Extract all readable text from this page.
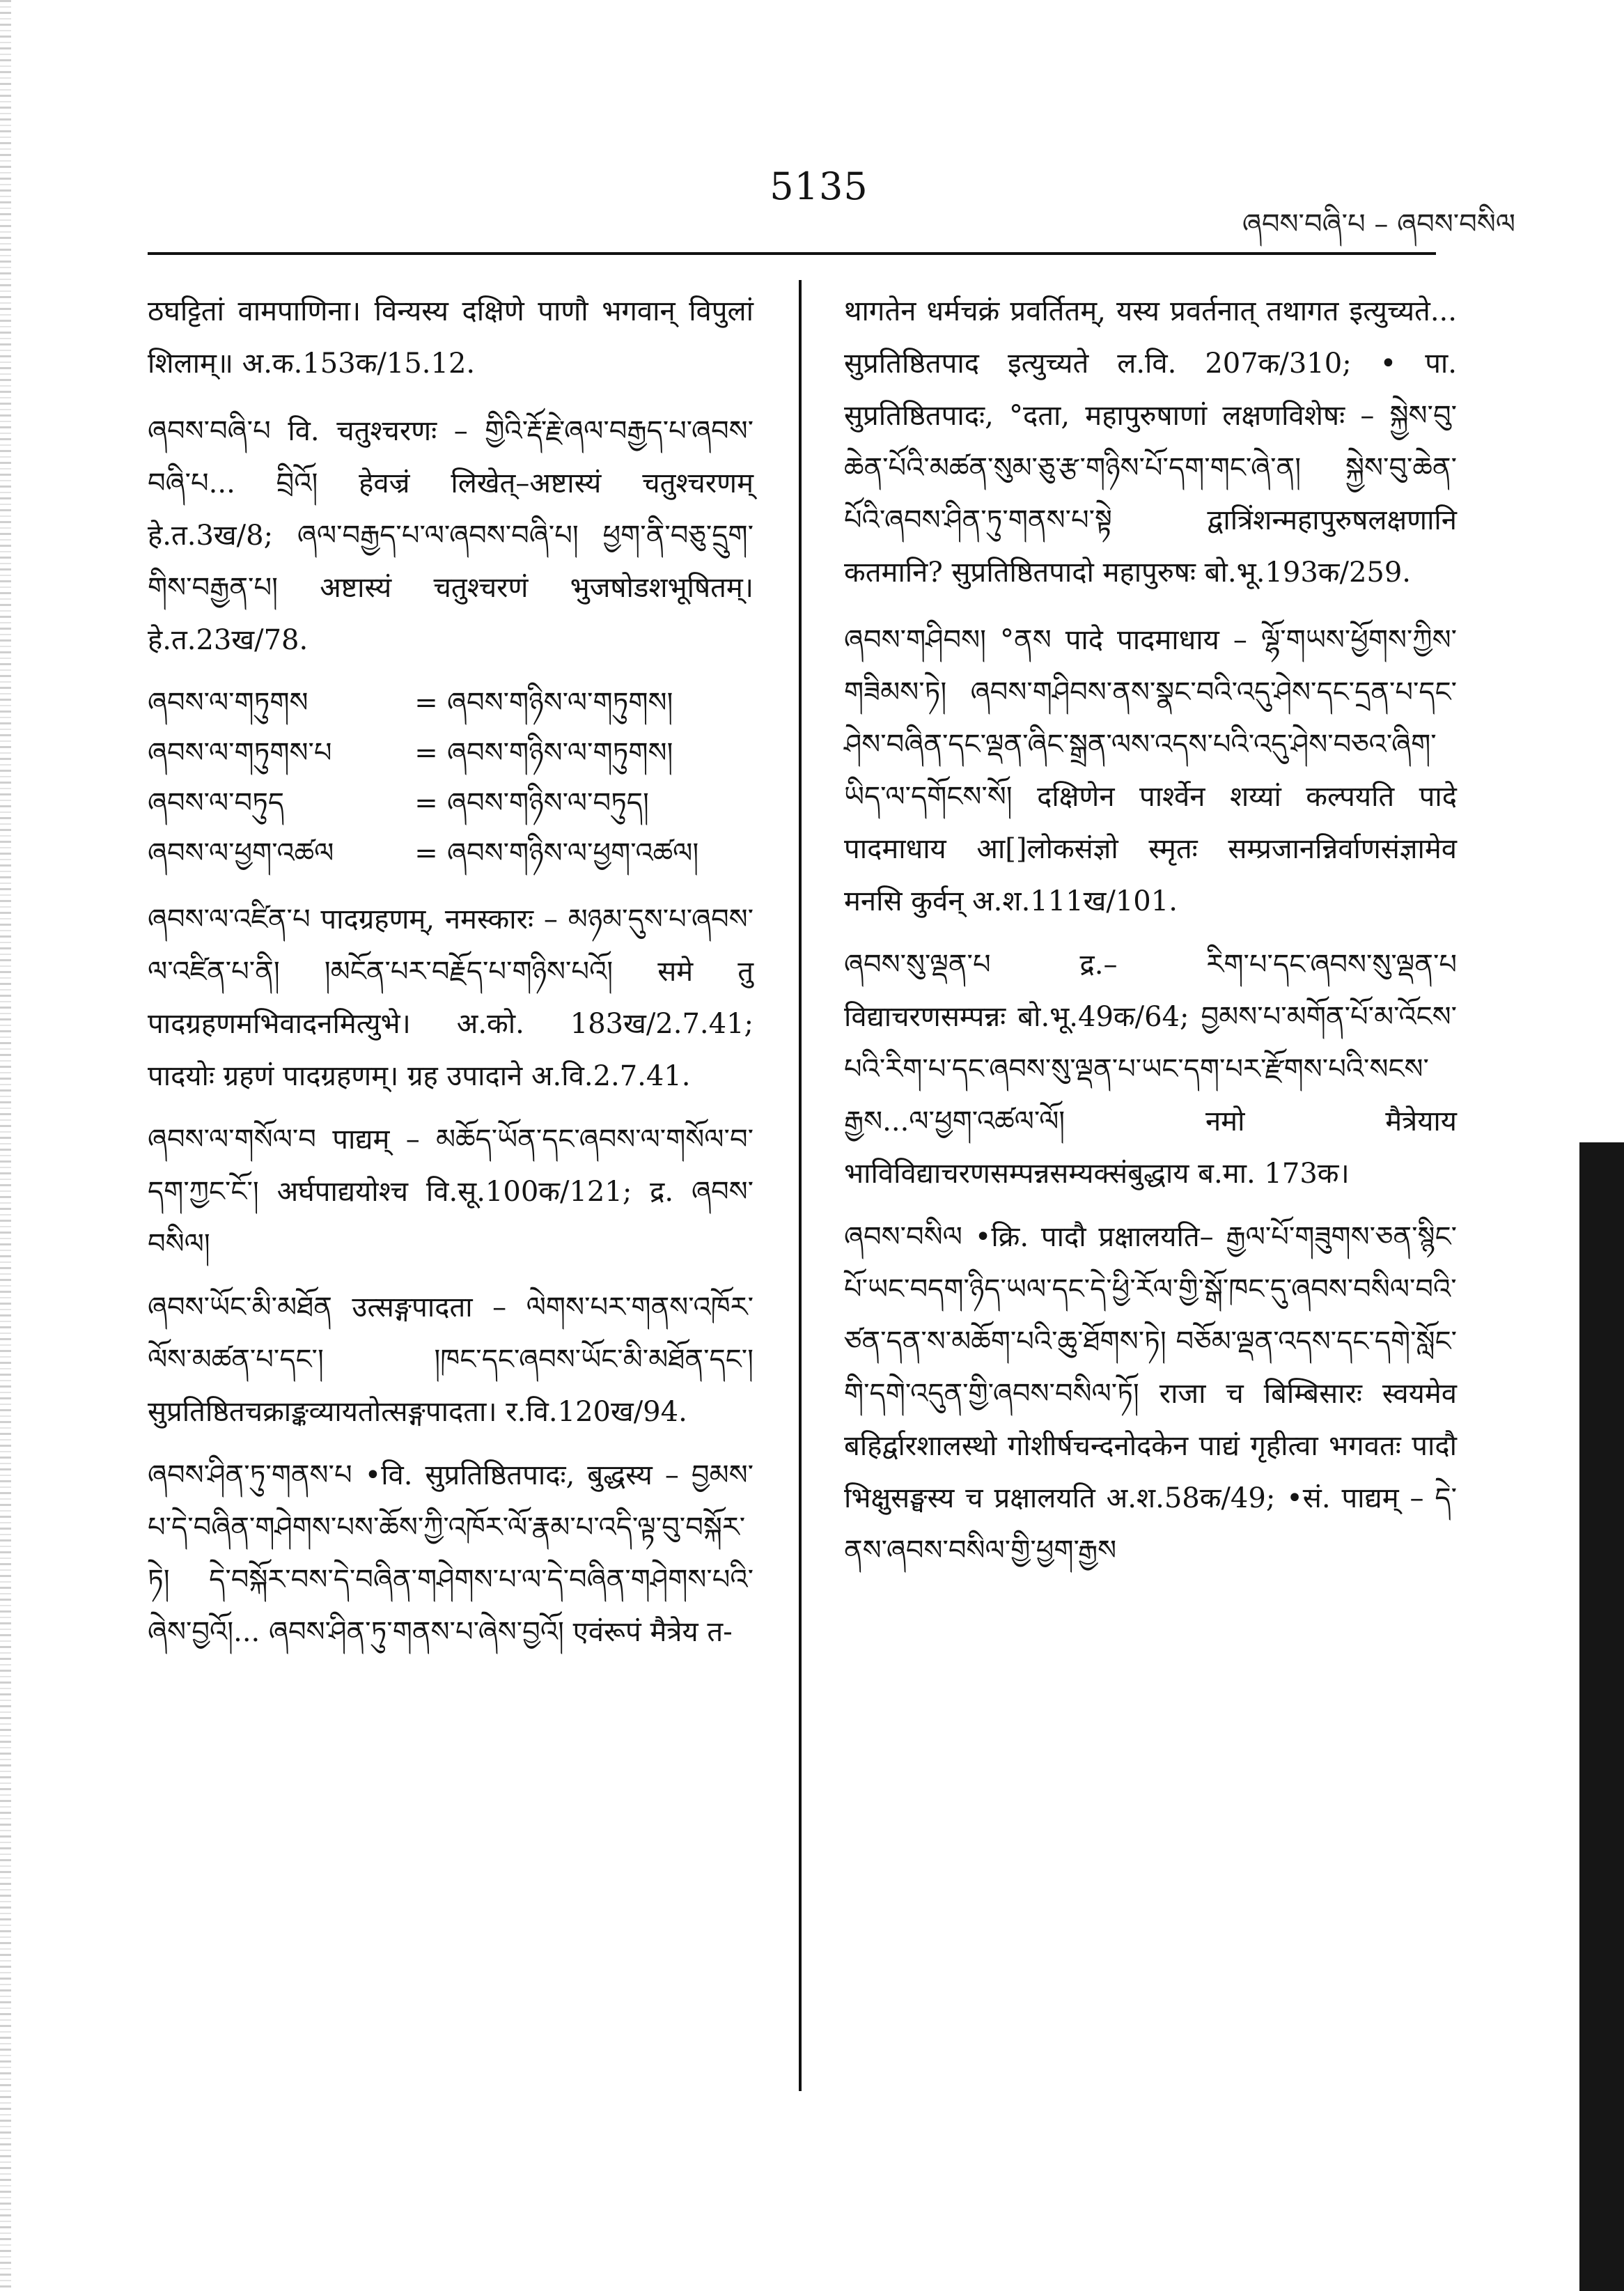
5135
ཞབས་བཞི་པ – ཞབས་བསིལ
ठघट्टितां वामपाणिना। विन्यस्य दक्षिणे पाणौ भगवान् विपुलां शिलाम्॥ अ.क.153क/15.12.
ཞབས་བཞི་པ वि. चतुश्चरणः – གྱིའི་རྡོ་རྗེ་ཞལ་བརྒྱད་པ་ཞབས་བཞི་པ... བྲིའོ། हेवज्रं लिखेत्–अष्टास्यं चतुश्चरणम् हे.त.3ख/8; ཞལ་བརྒྱད་པ་ལ་ཞབས་བཞི་པ། ཕྱག་ནི་བཅུ་དྲུག་གིས་བརྒྱན་པ། अष्टास्यं चतुश्चरणं भुजषोडशभूषितम्। हे.त.23ख/78.
ཞབས་ལ་གཏུགས	= ཞབས་གཉིས་ལ་གཏུགས།
ཞབས་ལ་གཏུགས་པ	= ཞབས་གཉིས་ལ་གཏུགས།
ཞབས་ལ་བཏུད	= ཞབས་གཉིས་ལ་བཏུད།
ཞབས་ལ་ཕྱག་འཚལ	= ཞབས་གཉིས་ལ་ཕྱག་འཚལ།
ཞབས་ལ་འཛིན་པ पादग्रहणम्, नमस्कारः – མཉམ་དུས་པ་ཞབས་ལ་འཛིན་པ་ནི། །མངོན་པར་བརྗོད་པ་གཉིས་པའོ། समे तु पादग्रहणमभिवादनमित्युभे। अ.को. 183ख/2.7.41; पादयोः ग्रहणं पादग्रहणम्। ग्रह उपादाने अ.वि.2.7.41.
ཞབས་ལ་གསོལ་བ पाद्यम् – མཆོད་ཡོན་དང་ཞབས་ལ་གསོལ་བ་དག་ཀྱང་ངོ་། अर्घपाद्ययोश्च वि.सू.100क/121; द्र. ཞབས་བསིལ།
ཞབས་ཡོང་མི་མཐོན उत्सङ्गपादता – ལེགས་པར་གནས་འཁོར་ལོས་མཚན་པ་དང་། །ཁང་དང་ཞབས་ཡོང་མི་མཐོན་དང་། सुप्रतिष्ठितचक्राङ्कव्यायतोत्सङ्गपादता। र.वि.120ख/94.
ཞབས་ཤིན་ཏུ་གནས་པ •वि. सुप्रतिष्ठितपादः, बुद्धस्य – བྱམས་པ་དེ་བཞིན་གཤེགས་པས་ཆོས་ཀྱི་འཁོར་ལོ་རྣམ་པ་འདི་ལྟ་བུ་བསྐོར་ཏེ། དེ་བསྐོར་བས་དེ་བཞིན་གཤེགས་པ་ལ་དེ་བཞིན་གཤེགས་པའི་ཞེས་བྱའོ།... ཞབས་ཤིན་ཏུ་གནས་པ་ཞེས་བྱའོ། एवंरूपं मैत्रेय त-
थागतेन धर्मचक्रं प्रवर्तितम्, यस्य प्रवर्तनात् तथागत इत्युच्यते... सुप्रतिष्ठितपाद इत्युच्यते ल.वि. 207क/310; • पा. सुप्रतिष्ठितपादः, °दता, महापुरुषाणां लक्षणविशेषः – སྐྱེས་བུ་ཆེན་པོའི་མཚན་སུམ་ཅུ་རྩ་གཉིས་པོ་དག་གང་ཞེ་ན། སྐྱེས་བུ་ཆེན་པོའི་ཞབས་ཤིན་ཏུ་གནས་པ་སྟེ द्वात्रिंशन्महापुरुषलक्षणानि कतमानि? सुप्रतिष्ठितपादो महापुरुषः बो.भू.193क/259.
ཞབས་གཤིབས། °ནས पादे पादमाधाय – ལྷོ་གཡས་ཕྱོགས་ཀྱིས་གཟིམས་ཏེ། ཞབས་གཤིབས་ནས་སྣང་བའི་འདུ་ཤེས་དང་དྲན་པ་དང་ཤེས་བཞིན་དང་ལྡན་ཞིང་སྒྲན་ལས་འདས་པའི་འདུ་ཤེས་བཅའ་ཞིག་ཡིད་ལ་དགོངས་སོ། दक्षिणेन पार्श्वेन शय्यां कल्पयति पादे पादमाधाय आ[]लोकसंज्ञो स्मृतः सम्प्रजानन्निर्वाणसंज्ञामेव मनसि कुर्वन् अ.श.111ख/101.
ཞབས་སུ་ལྡན་པ द्र.– རིག་པ་དང་ཞབས་སུ་ལྡན་པ विद्याचरणसम्पन्नः बो.भू.49क/64; བྱམས་པ་མགོན་པོ་མ་འོངས་པའི་རིག་པ་དང་ཞབས་སུ་ལྡན་པ་ཡང་དག་པར་རྫོགས་པའི་སངས་རྒྱས...ལ་ཕྱག་འཚལ་ལོ། नमो मैत्रेयाय भाविविद्याचरणसम्पन्नसम्यक्संबुद्धाय ब.मा. 173क।
ཞབས་བསིལ •क्रि. पादौ प्रक्षालयति– རྒྱལ་པོ་གཟུགས་ཅན་སྙིང་པོ་ཡང་བདག་ཉིད་ཡལ་དང་དེ་ཕྱི་རོལ་གྱི་སྒོ་ཁང་དུ་ཞབས་བསིལ་བའི་ཙན་དན་ས་མཆོག་པའི་ཆུ་ཐོགས་ཏེ། བཅོམ་ལྡན་འདས་དང་དགེ་སློང་གི་དགེ་འདུན་གྱི་ཞབས་བསིལ་ཏོ། राजा च बिम्बिसारः स्वयमेव बहिर्द्वारशालस्थो गोशीर्षचन्दनोदकेन पाद्यं गृहीत्वा भगवतः पादौ भिक्षुसङ्घस्य च प्रक्षालयति अ.श.58क/49; •सं. पाद्यम् – དེ་ནས་ཞབས་བསིལ་གྱི་ཕྱག་རྒྱས
